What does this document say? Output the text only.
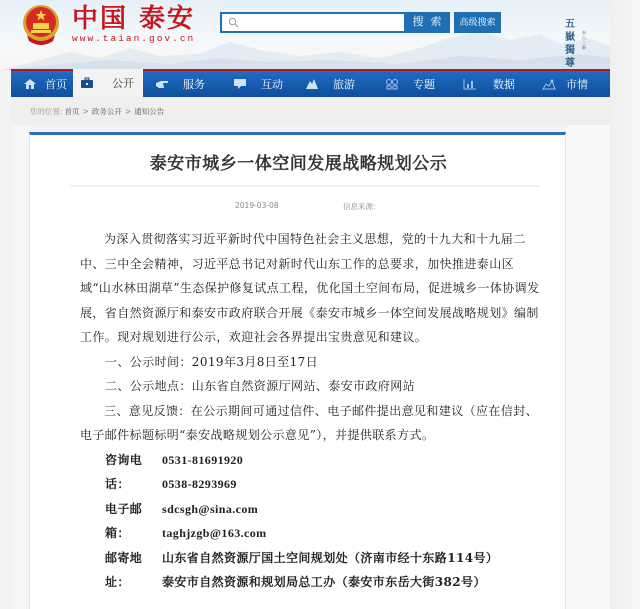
中国 泰安
www.taian.gov.cn
搜 索	高级搜索	五
嶽
獨
尊
泰
山
之
巔
首页	公开	服务	互动	旅游	专题	数据	市情
您的位置: 首页 > 政务公开 > 通知公告
泰安市城乡一体空间发展战略规划公示
2019-03-08	信息来源：

为深入贯彻落实习近平新时代中国特色社会主义思想，党的十九大和十九届二中、三中全会精神，习近平总书记对新时代山东工作的总要求，加快推进泰山区域“山水林田湖草”生态保护修复试点工程，优化国土空间布局，促进城乡一体协调发展，省自然资源厅和泰安市政府联合开展《泰安市城乡一体空间发展战略规划》编制工作。现对规划进行公示，欢迎社会各界提出宝贵意见和建议。

一、公示时间：2019年3月8日至17日

二、公示地点：山东省自然资源厅网站、泰安市政府网站

三、意见反馈：在公示期间可通过信件、电子邮件提出意见和建议（应在信封、电子邮件标题标明“泰安战略规划公示意见”），并提供联系方式。

咨询电话：
0531-81691920
0538-8293969
电子邮箱：
sdcsgh@sina.com
taghjzgb@163.com
邮寄地址：
山东省自然资源厅国土空间规划处（济南市经十东路114号）
泰安市自然资源和规划局总工办（泰安市东岳大街382号）
